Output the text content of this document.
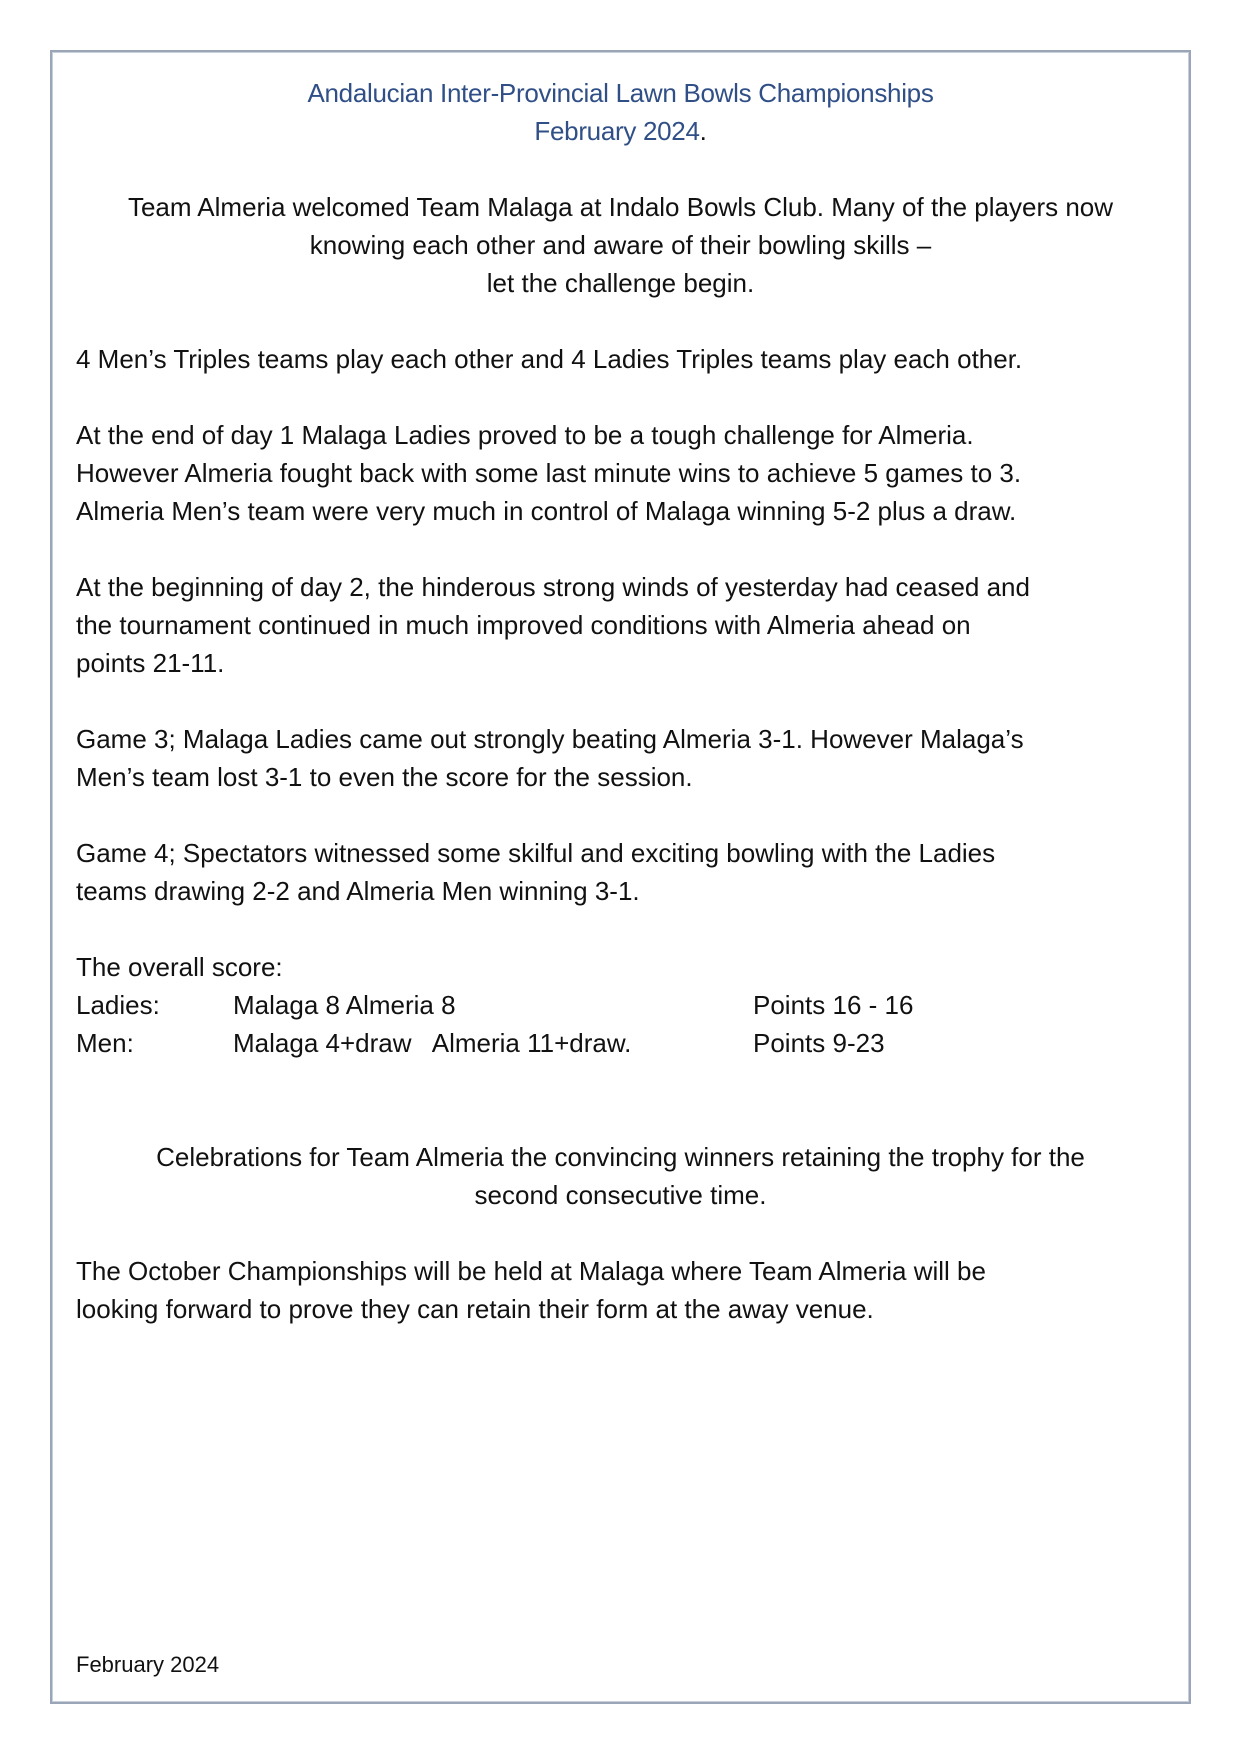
Andalucian Inter-Provincial Lawn Bowls Championships

February 2024.

Team Almeria welcomed Team Malaga at Indalo Bowls Club. Many of the players now

knowing each other and aware of their bowling skills –

let the challenge begin.

4 Men’s Triples teams play each other and 4 Ladies Triples teams play each other.

At the end of day 1 Malaga Ladies proved to be a tough challenge for Almeria.

However Almeria fought back with some last minute wins to achieve 5 games to 3.

Almeria Men’s team were very much in control of Malaga winning 5-2 plus a draw.

At the beginning of day 2, the hinderous strong winds of yesterday had ceased and

the tournament continued in much improved conditions with Almeria ahead on

points 21-11.

Game 3; Malaga Ladies came out strongly beating Almeria 3-1. However Malaga’s

Men’s team lost 3-1 to even the score for the session.

Game 4; Spectators witnessed some skilful and exciting bowling with the Ladies

teams drawing 2-2 and Almeria Men winning 3-1.

The overall score:

Ladies:	Malaga 8 Almeria 8	Points 16 - 16
Men:	Malaga 4+draw   Almeria 11+draw.	Points 9-23

Celebrations for Team Almeria the convincing winners retaining the trophy for the

second consecutive time.

The October Championships will be held at Malaga where Team Almeria will be

looking forward to prove they can retain their form at the away venue.

February 2024
